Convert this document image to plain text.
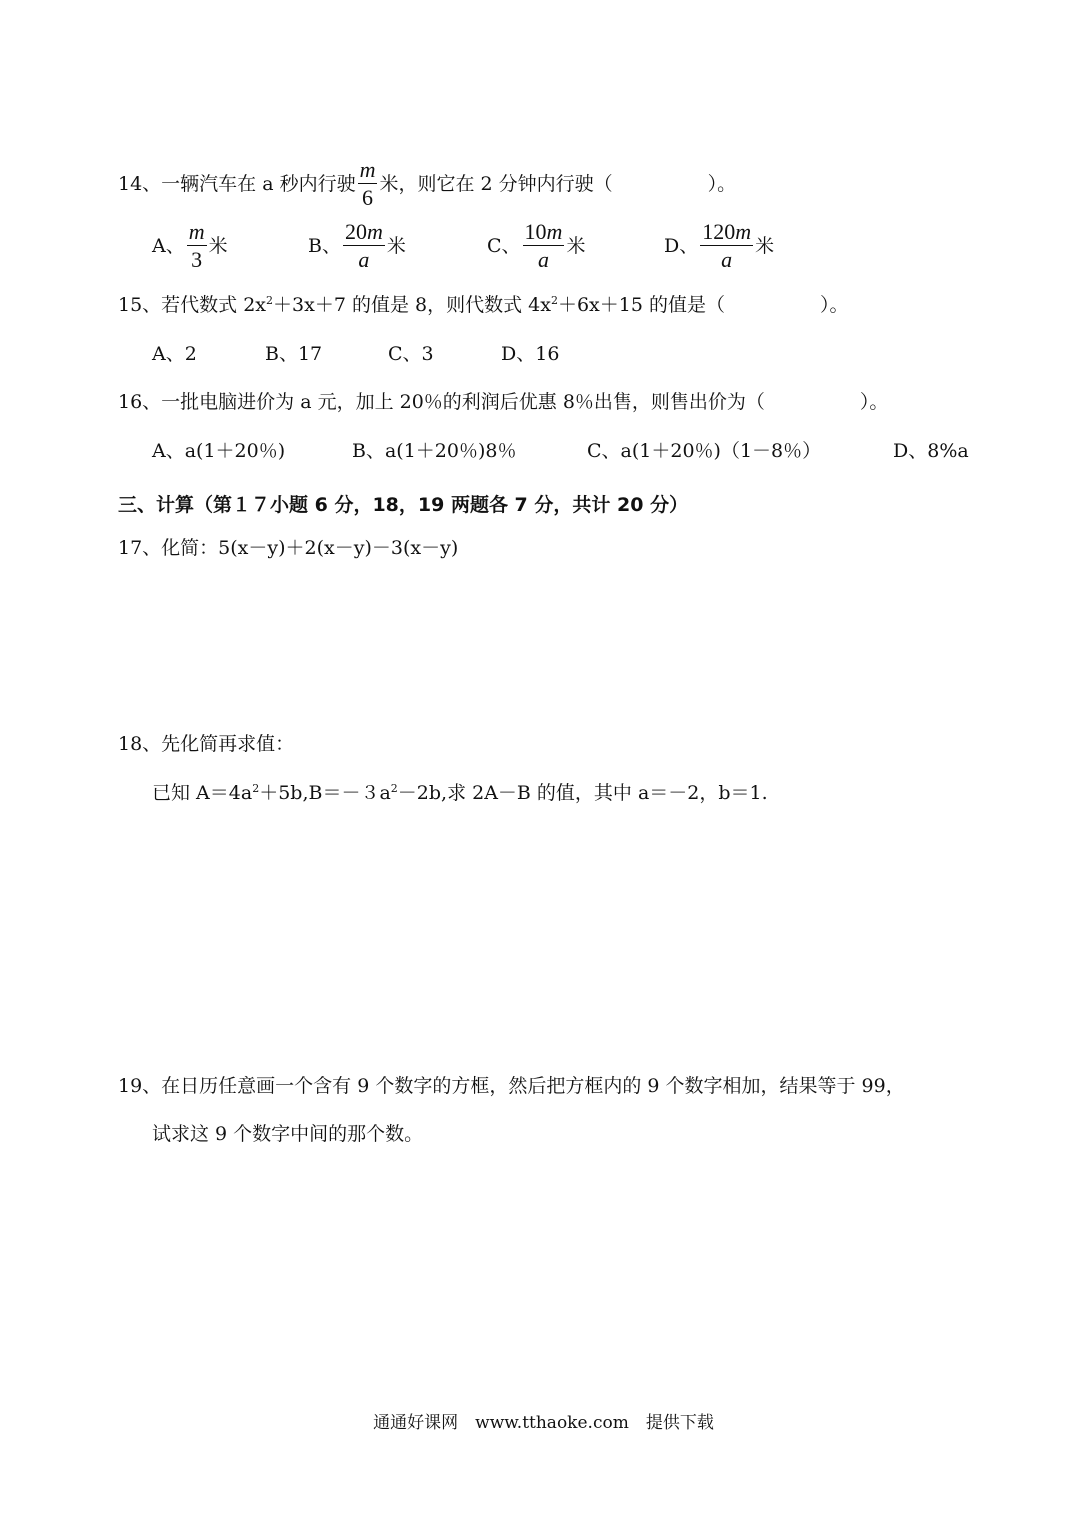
14、一辆汽车在 a 秒内行驶 $\frac{m}{6}$ 米，则它在 2 分钟内行驶（　　　　　）。
A、 $\frac{m}{3}$ 米	B、 $\frac{20m}{a}$ 米	C、 $\frac{10m}{a}$ 米	D、 $\frac{120m}{a}$ 米
15、若代数式 $2x^2+3x+7$ 的值是 8，则代数式 $4x^2+6x+15$ 的值是（　　　　　）。
A、2	B、17	C、3	D、16
16、一批电脑进价为 a 元，加上 20％的利润后优惠 8％出售，则售出价为（　　　　　）。
A、a(1＋20％)	B、a(1＋20％)8％	C、a(1＋20％)（1－8％）	D、8%a
三、计算（第１７小题 6 分，18，19 两题各 7 分，共计 20 分）
17、化简：5(x－y)＋2(x－y)－3(x－y)
18、先化简再求值：
已知 $A=4a^2+5b,B=-3a^2-2b$,求 2A－B 的值，其中 a＝－2，b＝1.
19、在日历任意画一个含有 9 个数字的方框，然后把方框内的 9 个数字相加，结果等于 99，
试求这 9 个数字中间的那个数。
通通好课网　www.tthaoke.com　提供下载
